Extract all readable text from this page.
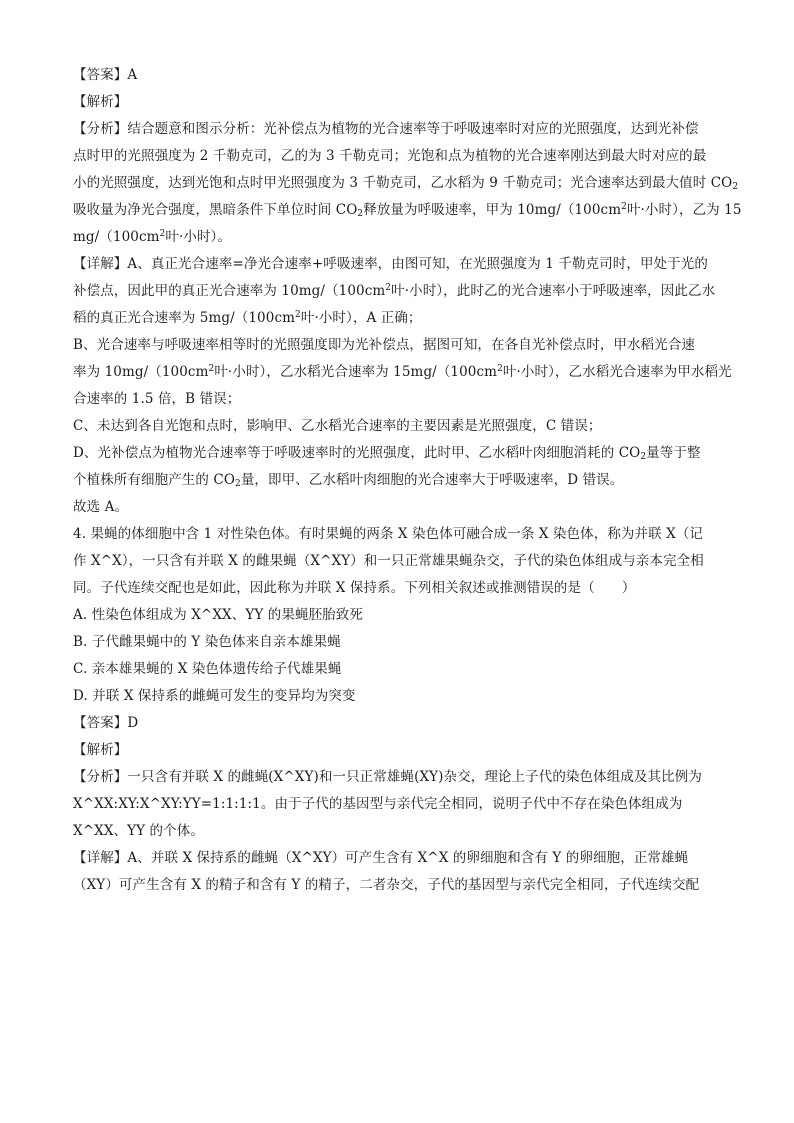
【答案】A
【解析】
【分析】结合题意和图示分析：光补偿点为植物的光合速率等于呼吸速率时对应的光照强度，达到光补偿
点时甲的光照强度为 2 千勒克司，乙的为 3 千勒克司；光饱和点为植物的光合速率刚达到最大时对应的最
小的光照强度，达到光饱和点时甲光照强度为 3 千勒克司，乙水稻为 9 千勒克司；光合速率达到最大值时 $CO_2$
吸收量为净光合强度，黑暗条件下单位时间 $CO_2$释放量为呼吸速率，甲为 $10mg/(100cm^2$叶·小时），乙为 15
$mg/(100cm^2$叶·小时）。
【详解】A、真正光合速率=净光合速率+呼吸速率，由图可知，在光照强度为 1 千勒克司时，甲处于光的
补偿点，因此甲的真正光合速率为 $10mg/(100cm^2$叶·小时），此时乙的光合速率小于呼吸速率，因此乙水
稻的真正光合速率为 $5mg/(100cm^2$叶·小时），A 正确；
B、光合速率与呼吸速率相等时的光照强度即为光补偿点，据图可知，在各自光补偿点时，甲水稻光合速
率为 $10mg/(100cm^2$叶·小时），乙水稻光合速率为 $15mg/(100cm^2$叶·小时），乙水稻光合速率为甲水稻光
合速率的 1.5 倍，B 错误；
C、未达到各自光饱和点时，影响甲、乙水稻光合速率的主要因素是光照强度，C 错误；
D、光补偿点为植物光合速率等于呼吸速率时的光照强度，此时甲、乙水稻叶肉细胞消耗的 $CO_2$量等于整
个植株所有细胞产生的 $CO_2$量，即甲、乙水稻叶肉细胞的光合速率大于呼吸速率，D 错误。
故选 A。
4. 果蝇的体细胞中含 1 对性染色体。有时果蝇的两条 X 染色体可融合成一条 X 染色体，称为并联 X（记
作 X^X），一只含有并联 X 的雌果蝇（X^XY）和一只正常雄果蝇杂交，子代的染色体组成与亲本完全相
同。子代连续交配也是如此，因此称为并联 X 保持系。下列相关叙述或推测错误的是（　　）
A. 性染色体组成为 X^XX、YY 的果蝇胚胎致死
B. 子代雌果蝇中的 Y 染色体来自亲本雄果蝇
C. 亲本雄果蝇的 X 染色体遗传给子代雄果蝇
D. 并联 X 保持系的雌蝇可发生的变异均为突变
【答案】D
【解析】
【分析】一只含有并联 X 的雌蝇(X^XY)和一只正常雄蝇(XY)杂交，理论上子代的染色体组成及其比例为
X^XX:XY:X^XY:YY=1:1:1:1。由于子代的基因型与亲代完全相同，说明子代中不存在染色体组成为
X^XX、YY 的个体。
【详解】A、并联 X 保持系的雌蝇（X^XY）可产生含有 X^X 的卵细胞和含有 Y 的卵细胞，正常雄蝇
（XY）可产生含有 X 的精子和含有 Y 的精子，二者杂交，子代的基因型与亲代完全相同，子代连续交配
